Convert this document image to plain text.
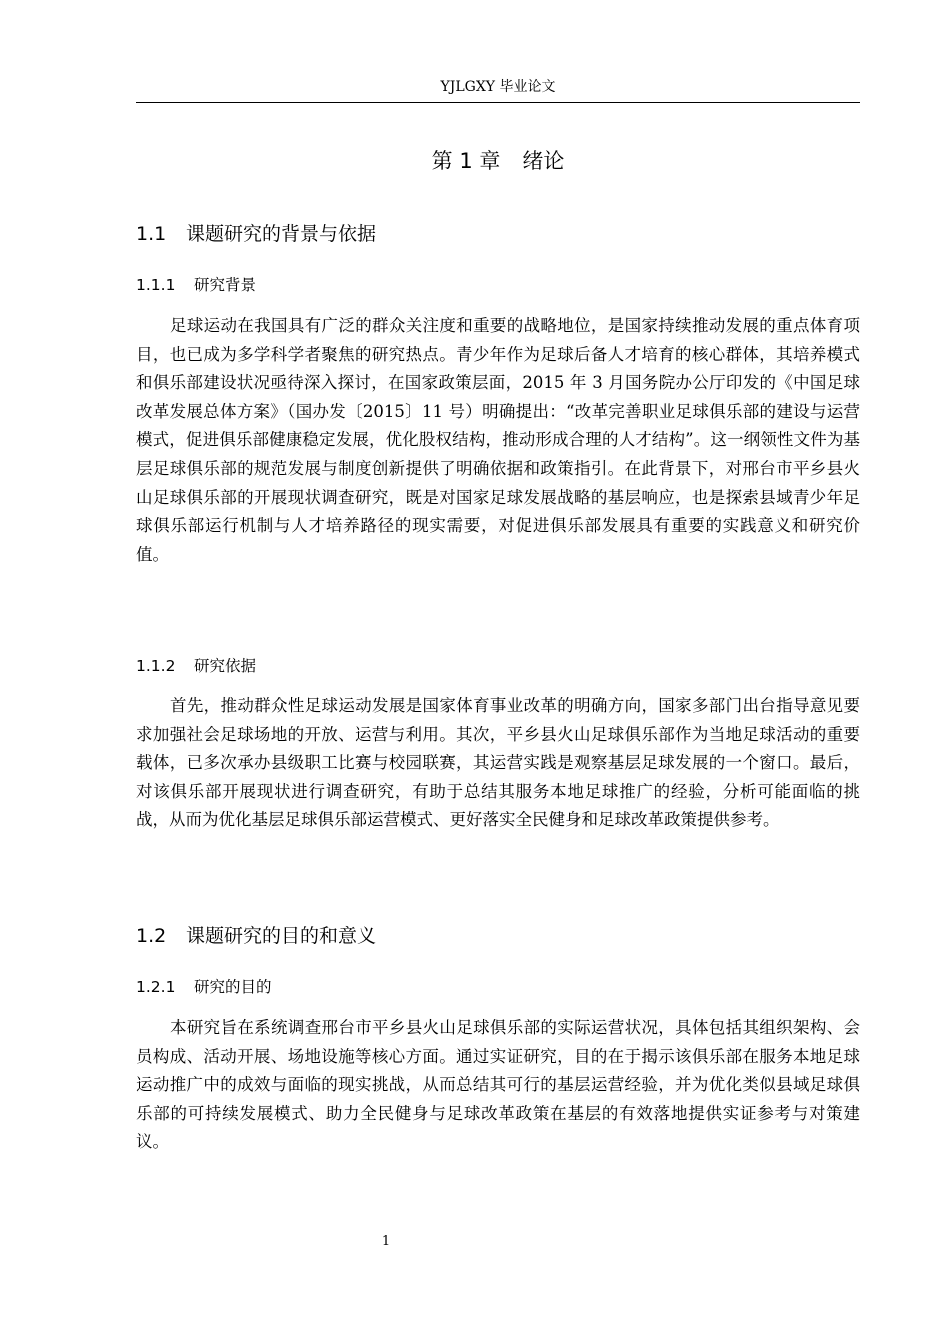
YJLGXY 毕业论文
第 1 章 绪论
1.1 课题研究的背景与依据
1.1.1 研究背景

足球运动在我国具有广泛的群众关注度和重要的战略地位，是国家持续推动发展的重点体育项目，也已成为多学科学者聚焦的研究热点。青少年作为足球后备人才培育的核心群体，其培养模式和俱乐部建设状况亟待深入探讨，在国家政策层面，2015 年 3 月国务院办公厅印发的《中国足球改革发展总体方案》（国办发〔2015〕11 号）明确提出：“改革完善职业足球俱乐部的建设与运营模式，促进俱乐部健康稳定发展，优化股权结构，推动形成合理的人才结构”。这一纲领性文件为基层足球俱乐部的规范发展与制度创新提供了明确依据和政策指引。在此背景下，对邢台市平乡县火山足球俱乐部的开展现状调查研究，既是对国家足球发展战略的基层响应，也是探索县域青少年足球俱乐部运行机制与人才培养路径的现实需要，对促进俱乐部发展具有重要的实践意义和研究价值。

1.1.2 研究依据

首先，推动群众性足球运动发展是国家体育事业改革的明确方向，国家多部门出台指导意见要求加强社会足球场地的开放、运营与利用。其次，平乡县火山足球俱乐部作为当地足球活动的重要载体，已多次承办县级职工比赛与校园联赛，其运营实践是观察基层足球发展的一个窗口。最后，对该俱乐部开展现状进行调查研究，有助于总结其服务本地足球推广的经验，分析可能面临的挑战，从而为优化基层足球俱乐部运营模式、更好落实全民健身和足球改革政策提供参考。

1.2 课题研究的目的和意义
1.2.1 研究的目的

本研究旨在系统调查邢台市平乡县火山足球俱乐部的实际运营状况，具体包括其组织架构、会员构成、活动开展、场地设施等核心方面。通过实证研究，目的在于揭示该俱乐部在服务本地足球运动推广中的成效与面临的现实挑战，从而总结其可行的基层运营经验，并为优化类似县域足球俱乐部的可持续发展模式、助力全民健身与足球改革政策在基层的有效落地提供实证参考与对策建议。

1
